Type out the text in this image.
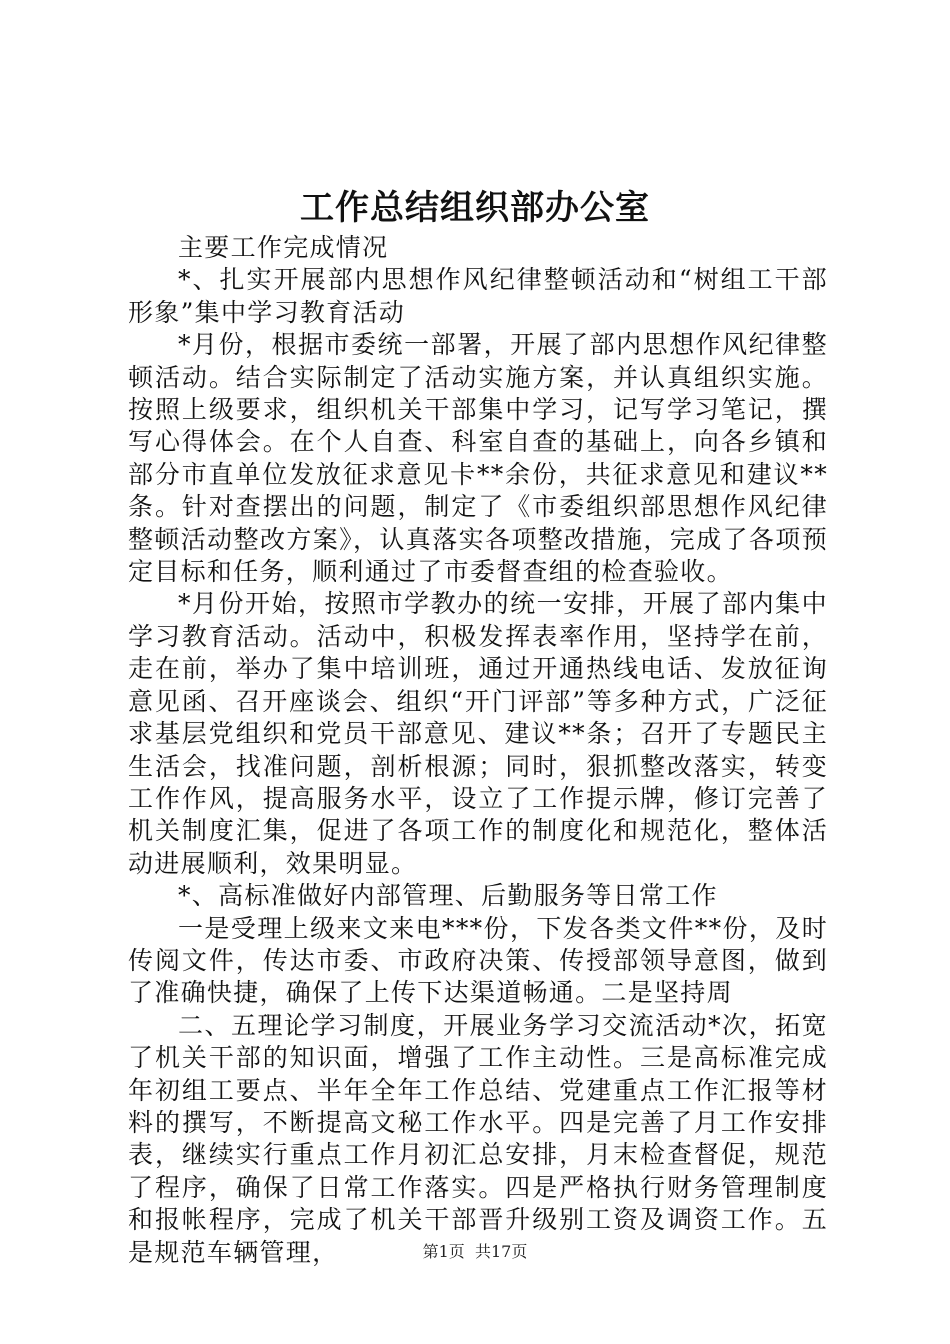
工作总结组织部办公室

主要工作完成情况

*、扎实开展部内思想作风纪律整顿活动和“树组工干部形象”集中学习教育活动

*月份，根据市委统一部署，开展了部内思想作风纪律整顿活动。结合实际制定了活动实施方案，并认真组织实施。按照上级要求，组织机关干部集中学习，记写学习笔记，撰写心得体会。在个人自查、科室自查的基础上，向各乡镇和部分市直单位发放征求意见卡**余份，共征求意见和建议**条。针对查摆出的问题，制定了《市委组织部思想作风纪律整顿活动整改方案》，认真落实各项整改措施，完成了各项预定目标和任务，顺利通过了市委督查组的检查验收。

*月份开始，按照市学教办的统一安排，开展了部内集中学习教育活动。活动中，积极发挥表率作用，坚持学在前，走在前，举办了集中培训班，通过开通热线电话、发放征询意见函、召开座谈会、组织“开门评部”等多种方式，广泛征求基层党组织和党员干部意见、建议**条；召开了专题民主生活会，找准问题，剖析根源；同时，狠抓整改落实，转变工作作风，提高服务水平，设立了工作提示牌，修订完善了机关制度汇集，促进了各项工作的制度化和规范化，整体活动进展顺利，效果明显。

*、高标准做好内部管理、后勤服务等日常工作

一是受理上级来文来电***份，下发各类文件**份，及时传阅文件，传达市委、市政府决策、传授部领导意图，做到了准确快捷，确保了上传下达渠道畅通。二是坚持周

二、五理论学习制度，开展业务学习交流活动*次，拓宽了机关干部的知识面，增强了工作主动性。三是高标准完成年初组工要点、半年全年工作总结、党建重点工作汇报等材料的撰写，不断提高文秘工作水平。四是完善了月工作安排表，继续实行重点工作月初汇总安排，月末检查督促，规范了程序，确保了日常工作落实。四是严格执行财务管理制度和报帐程序，完成了机关干部晋升级别工资及调资工作。五是规范车辆管理，	第1页 共17页
